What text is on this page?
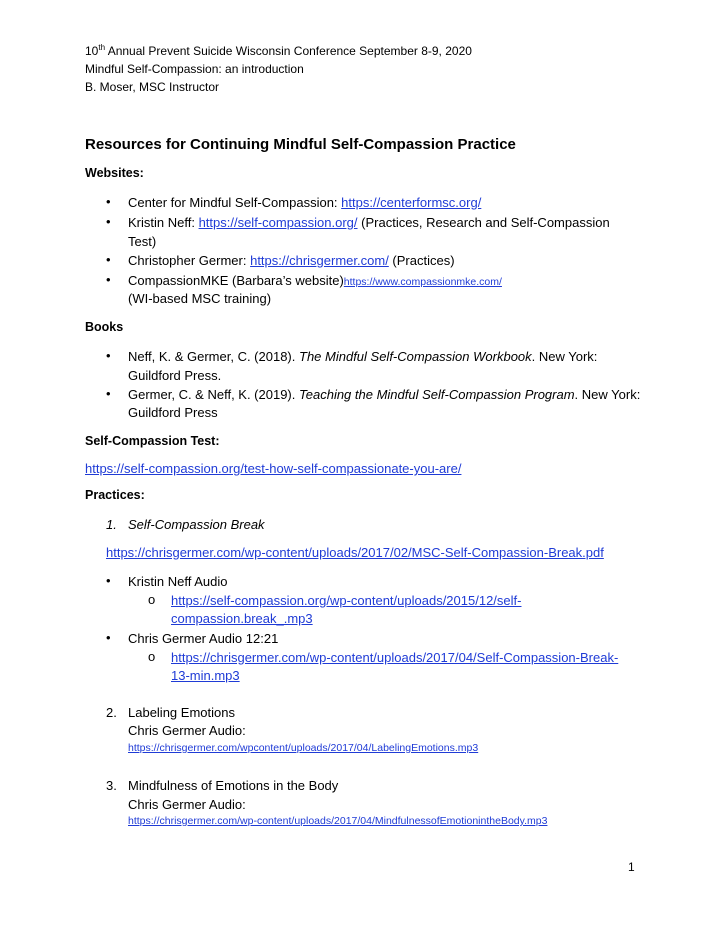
10th Annual Prevent Suicide Wisconsin Conference September 8-9, 2020
Mindful Self-Compassion: an introduction
B. Moser, MSC Instructor
Resources for Continuing Mindful Self-Compassion Practice
Websites:
• Center for Mindful Self-Compassion: https://centerformsc.org/
• Kristin Neff: https://self-compassion.org/ (Practices, Research and Self-Compassion
Test)
• Christopher Germer: https://chrisgermer.com/ (Practices)
• CompassionMKE (Barbara’s website)https://www.compassionmke.com/
(WI-based MSC training)
Books
• Neff, K. & Germer, C. (2018). The Mindful Self-Compassion Workbook. New York:
Guildford Press.
• Germer, C. & Neff, K. (2019). Teaching the Mindful Self-Compassion Program. New York:
Guildford Press
Self-Compassion Test:
https://self-compassion.org/test-how-self-compassionate-you-are/
Practices:
1. Self-Compassion Break
https://chrisgermer.com/wp-content/uploads/2017/02/MSC-Self-Compassion-Break.pdf
• Kristin Neff Audio
o https://self-compassion.org/wp-content/uploads/2015/12/self-
compassion.break_.mp3
• Chris Germer Audio 12:21
o https://chrisgermer.com/wp-content/uploads/2017/04/Self-Compassion-Break-
13-min.mp3
2. Labeling Emotions
Chris Germer Audio:
https://chrisgermer.com/wpcontent/uploads/2017/04/LabelingEmotions.mp3
3. Mindfulness of Emotions in the Body
Chris Germer Audio:
https://chrisgermer.com/wp-content/uploads/2017/04/MindfulnessofEmotionintheBody.mp3
1
